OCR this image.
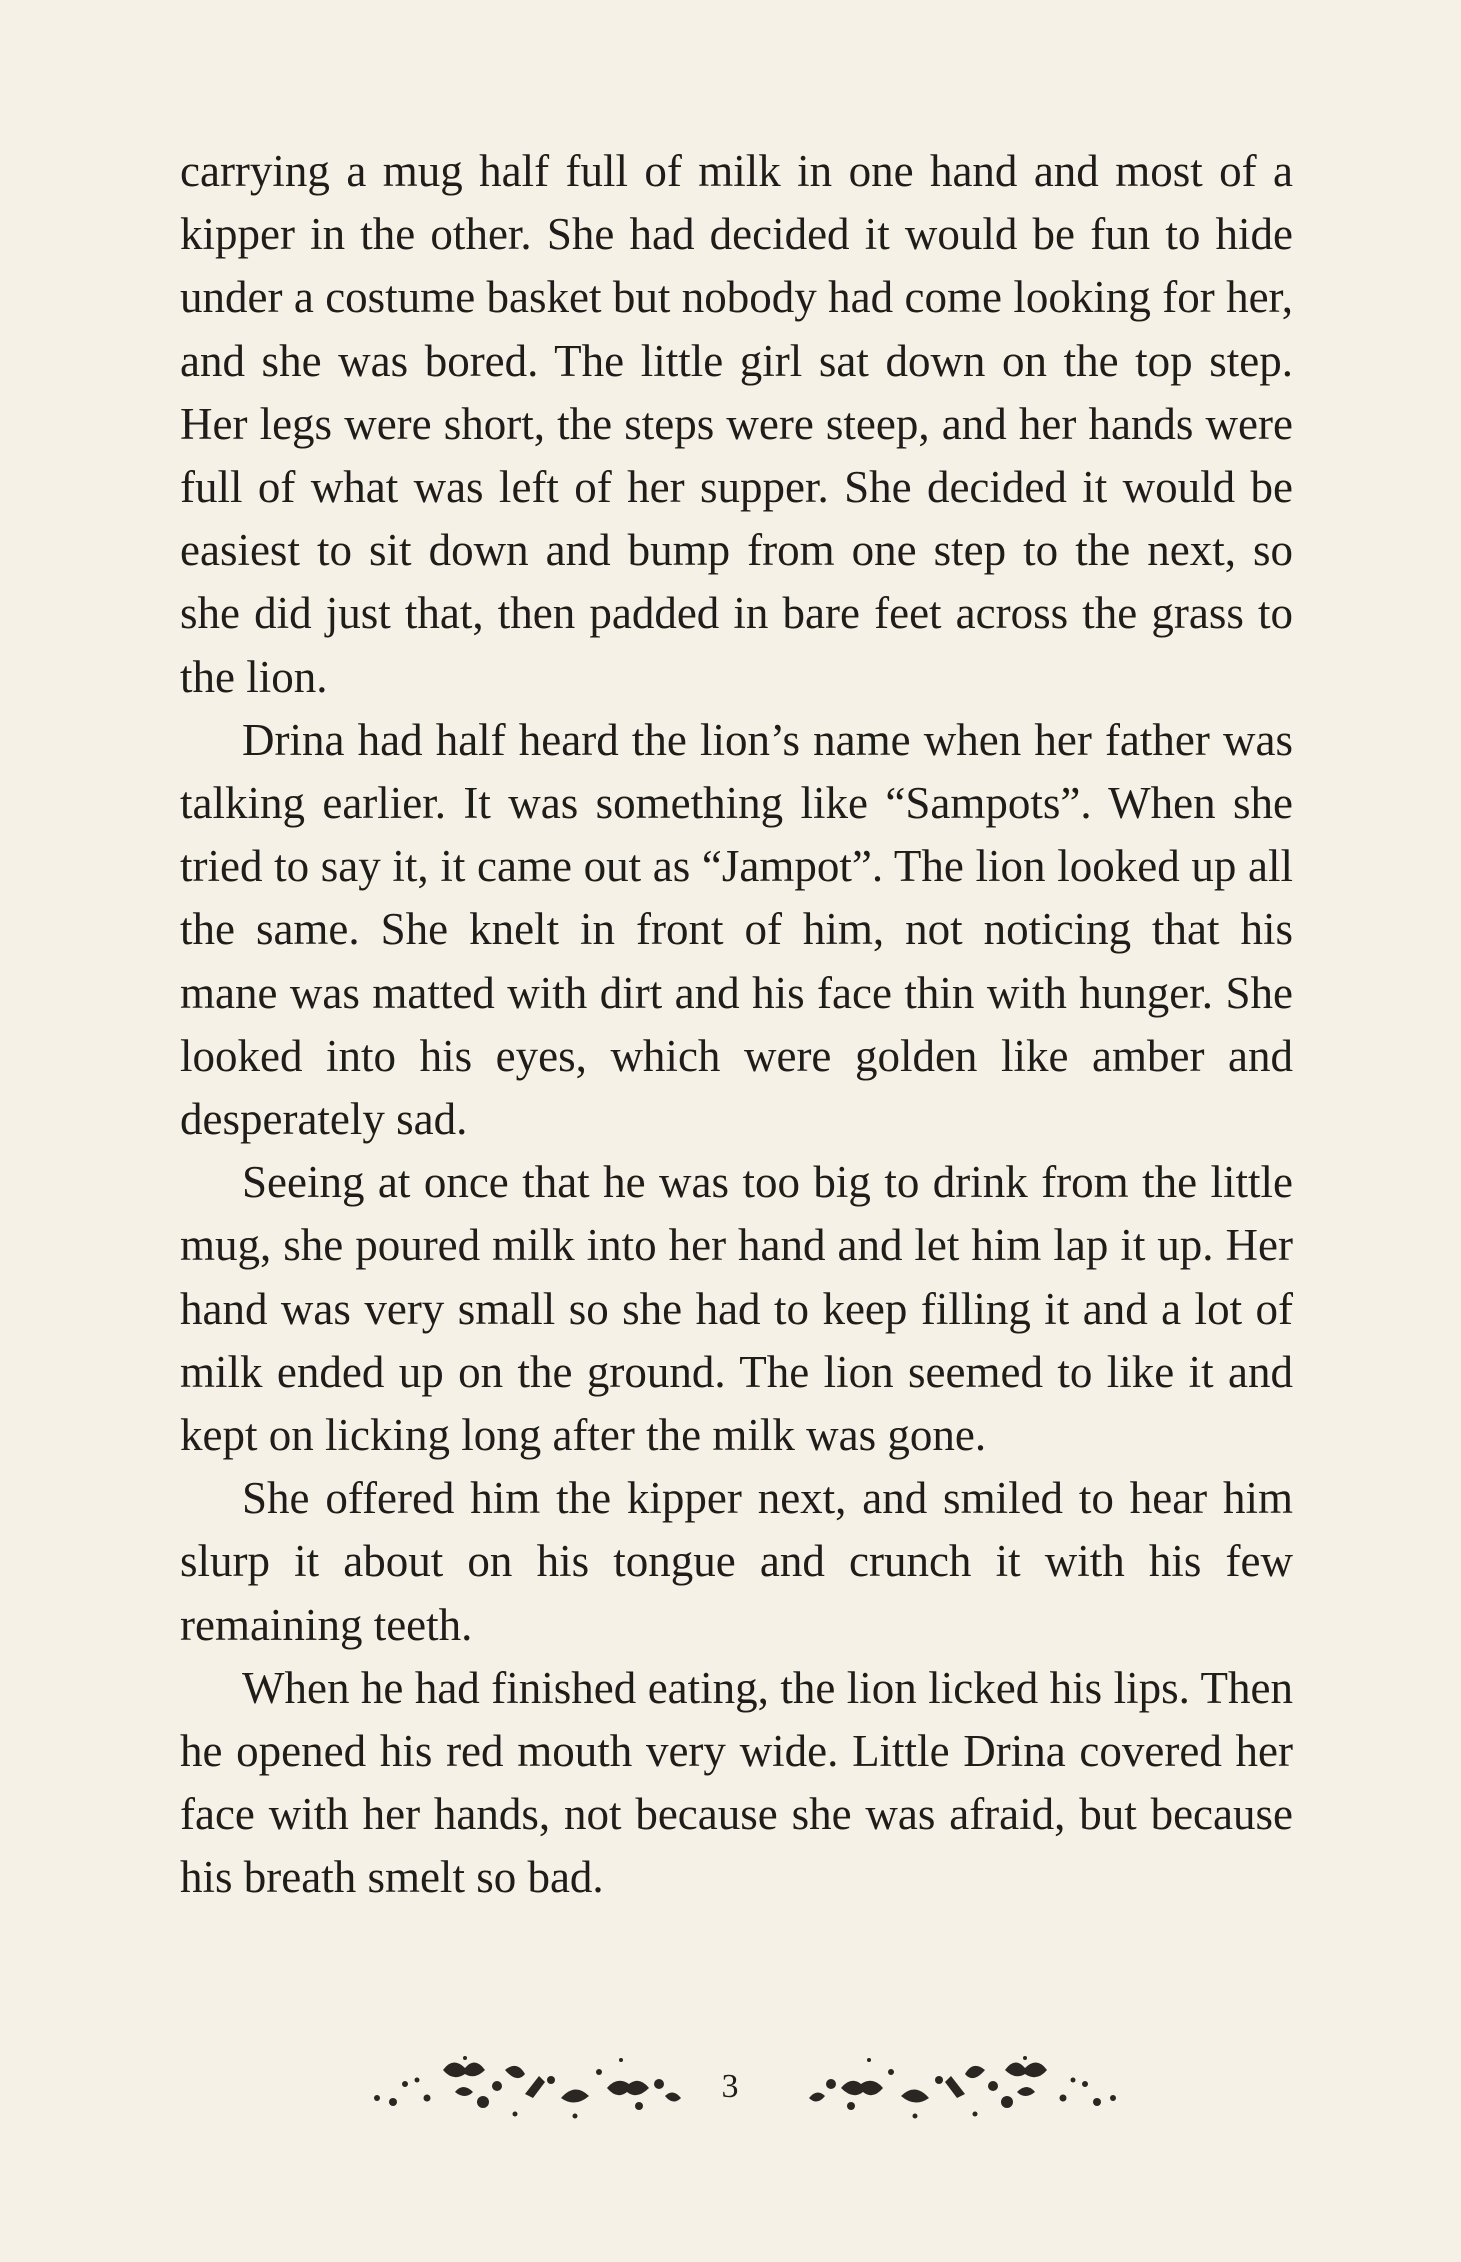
carrying a mug half full of milk in one hand and most of a kipper in the other. She had decided it would be fun to hide under a costume basket but nobody had come looking for her, and she was bored. The little girl sat down on the top step. Her legs were short, the steps were steep, and her hands were full of what was left of her supper. She decided it would be easiest to sit down and bump from one step to the next, so she did just that, then padded in bare feet across the grass to the lion.

Drina had half heard the lion’s name when her father was talking earlier. It was something like “Sampots”. When she tried to say it, it came out as “Jampot”. The lion looked up all the same. She knelt in front of him, not noticing that his mane was matted with dirt and his face thin with hunger. She looked into his eyes, which were golden like amber and desperately sad.

Seeing at once that he was too big to drink from the little mug, she poured milk into her hand and let him lap it up. Her hand was very small so she had to keep filling it and a lot of milk ended up on the ground. The lion seemed to like it and kept on licking long after the milk was gone.

She offered him the kipper next, and smiled to hear him slurp it about on his tongue and crunch it with his few remaining teeth.

When he had finished eating, the lion licked his lips. Then he opened his red mouth very wide. Little Drina covered her face with her hands, not because she was afraid, but because his breath smelt so bad.

3
